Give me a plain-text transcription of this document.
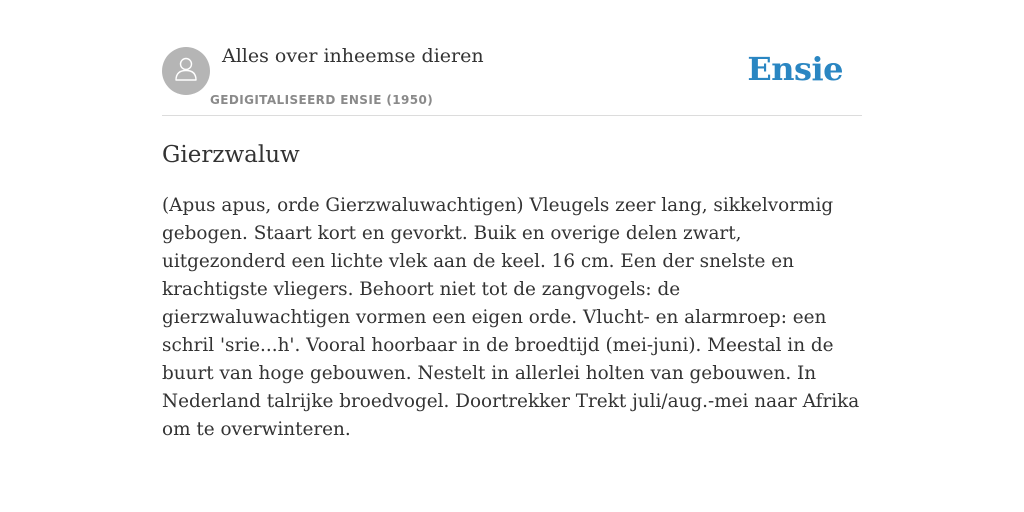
Alles over inheemse dieren
GEDIGITALISEERD ENSIE (1950)
Ensie
Gierzwaluw

(Apus apus, orde Gierzwaluwachtigen) Vleugels zeer lang, sikkelvormig gebogen. Staart kort en gevorkt. Buik en overige delen zwart, uitgezonderd een lichte vlek aan de keel. 16 cm. Een der snelste en krachtigste vliegers. Behoort niet tot de zangvogels: de gierzwaluwachtigen vormen een eigen orde. Vlucht- en alarmroep: een schril 'srie...h'. Vooral hoorbaar in de broedtijd (mei-juni). Meestal in de buurt van hoge gebouwen. Nestelt in allerlei holten van gebouwen. In Nederland talrijke broedvogel. Doortrekker Trekt juli/aug.-mei naar Afrika om te overwinteren.
